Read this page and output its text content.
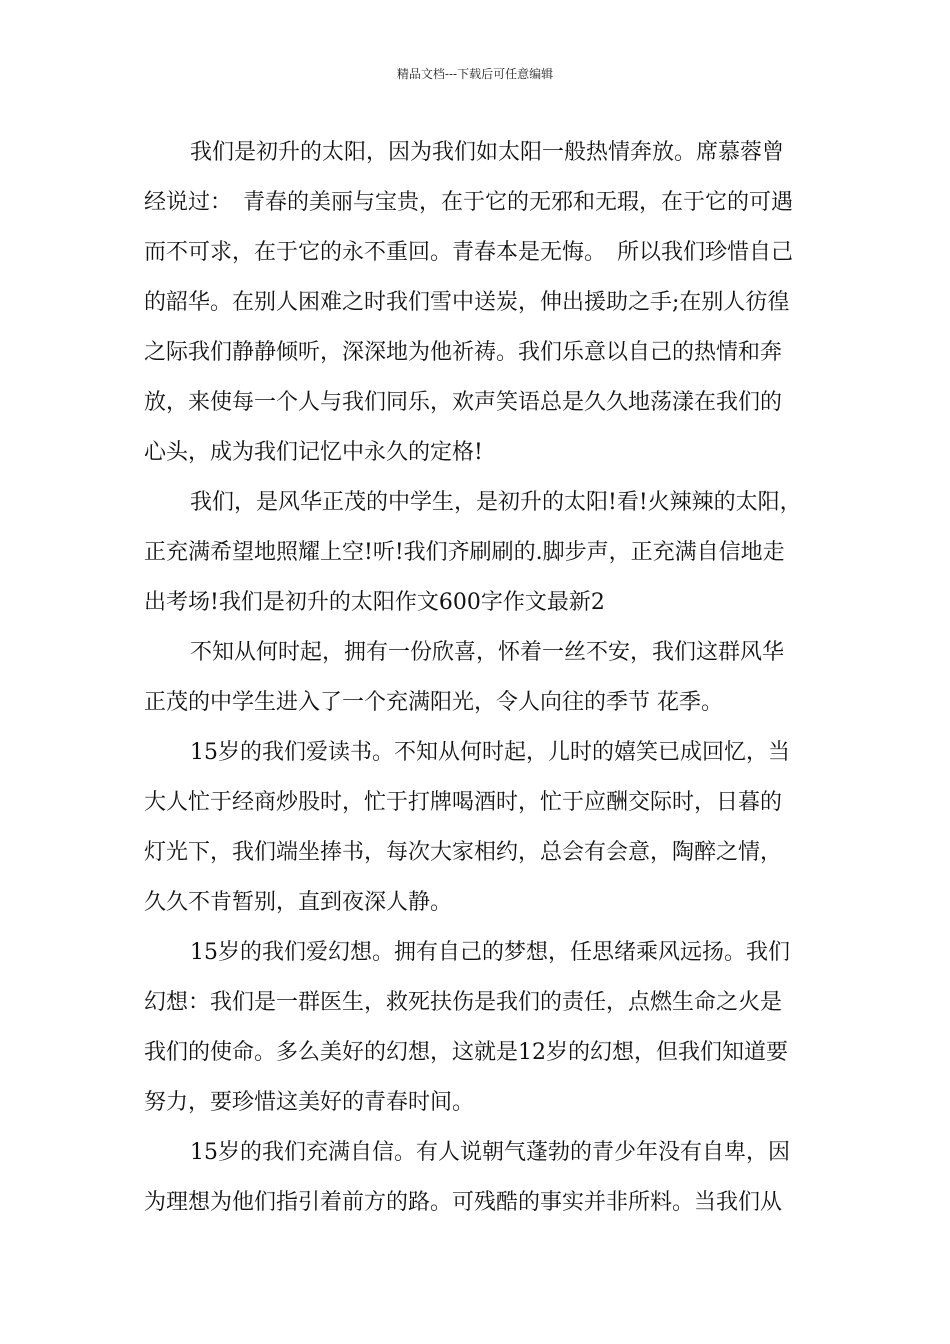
精品文档---下载后可任意编辑

我们是初升的太阳，因为我们如太阳一般热情奔放。席慕蓉曾
经说过：　青春的美丽与宝贵，在于它的无邪和无瑕，在于它的可遇
而不可求，在于它的永不重回。青春本是无悔。　所以我们珍惜自己
的韶华。在别人困难之时我们雪中送炭，伸出援助之手;在别人彷徨
之际我们静静倾听，深深地为他祈祷。我们乐意以自己的热情和奔
放，来使每一个人与我们同乐，欢声笑语总是久久地荡漾在我们的
心头，成为我们记忆中永久的定格!

我们，是风华正茂的中学生，是初升的太阳!看!火辣辣的太阳，
正充满希望地照耀上空!听!我们齐刷刷的.脚步声，正充满自信地走
出考场!我们是初升的太阳作文600字作文最新2

不知从何时起，拥有一份欣喜，怀着一丝不安，我们这群风华
正茂的中学生进入了一个充满阳光，令人向往的季节 花季。

15岁的我们爱读书。不知从何时起，儿时的嬉笑已成回忆，当
大人忙于经商炒股时，忙于打牌喝酒时，忙于应酬交际时，日暮的
灯光下，我们端坐捧书，每次大家相约，总会有会意，陶醉之情，
久久不肯暂别，直到夜深人静。

15岁的我们爱幻想。拥有自己的梦想，任思绪乘风远扬。我们
幻想：我们是一群医生，救死扶伤是我们的责任，点燃生命之火是
我们的使命。多么美好的幻想，这就是12岁的幻想，但我们知道要
努力，要珍惜这美好的青春时间。

15岁的我们充满自信。有人说朝气蓬勃的青少年没有自卑，因
为理想为他们指引着前方的路。可残酷的事实并非所料。当我们从
